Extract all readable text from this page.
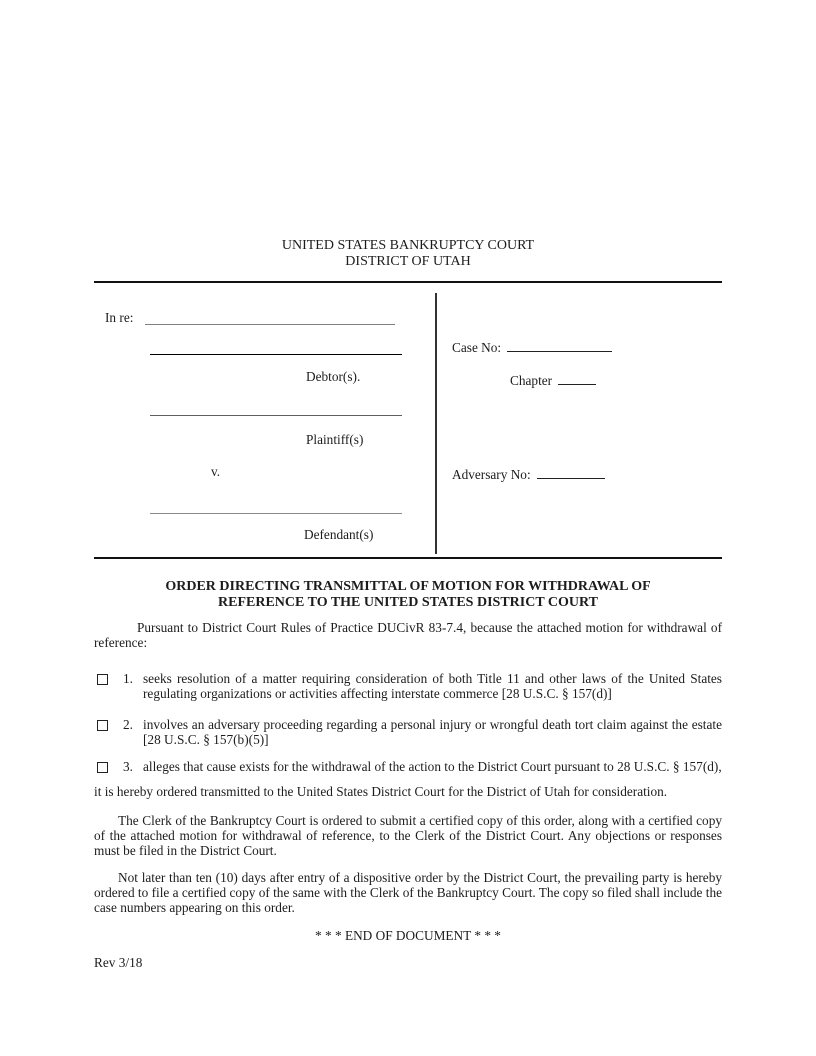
UNITED STATES BANKRUPTCY COURT
DISTRICT OF UTAH
In re:
Debtor(s).
Plaintiff(s)
v.
Defendant(s)
Case No:
Chapter
Adversary No:
ORDER DIRECTING TRANSMITTAL OF MOTION FOR WITHDRAWAL OF
REFERENCE TO THE UNITED STATES DISTRICT COURT
Pursuant to District Court Rules of Practice DUCivR 83-7.4, because the attached motion for withdrawal of reference:
1. seeks resolution of a matter requiring consideration of both Title 11 and other laws of the United States regulating organizations or activities affecting interstate commerce [28 U.S.C. § 157(d)]
2. involves an adversary proceeding regarding a personal injury or wrongful death tort claim against the estate [28 U.S.C. § 157(b)(5)]
3. alleges that cause exists for the withdrawal of the action to the District Court pursuant to 28 U.S.C. § 157(d),
it is hereby ordered transmitted to the United States District Court for the District of Utah for consideration.
The Clerk of the Bankruptcy Court is ordered to submit a certified copy of this order, along with a certified copy of the attached motion for withdrawal of reference, to the Clerk of the District Court. Any objections or responses must be filed in the District Court.
Not later than ten (10) days after entry of a dispositive order by the District Court, the prevailing party is hereby ordered to file a certified copy of the same with the Clerk of the Bankruptcy Court. The copy so filed shall include the case numbers appearing on this order.
* * * END OF DOCUMENT * * *
Rev 3/18
